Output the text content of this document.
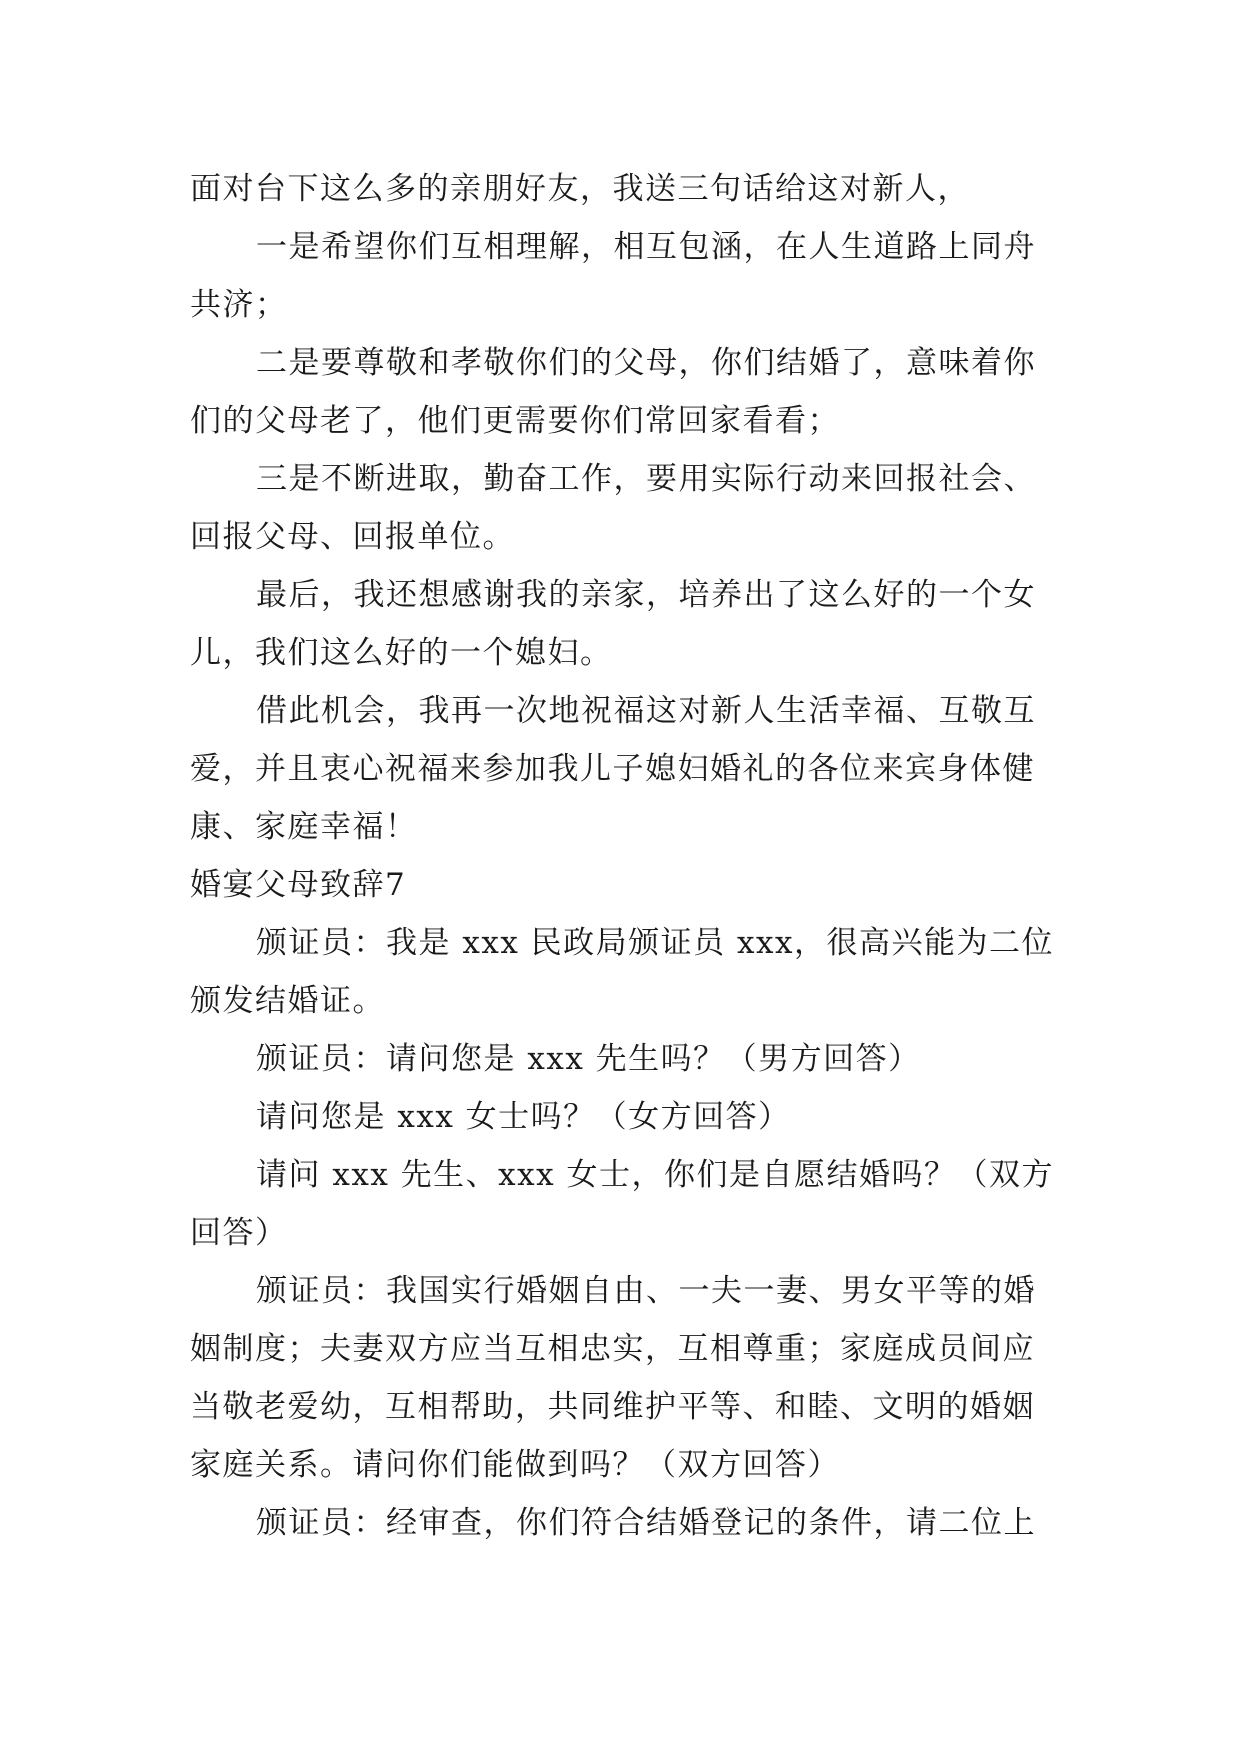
面对台下这么多的亲朋好友，我送三句话给这对新人，
一是希望你们互相理解，相互包涵，在人生道路上同舟
共济；
二是要尊敬和孝敬你们的父母，你们结婚了，意味着你
们的父母老了，他们更需要你们常回家看看；
三是不断进取，勤奋工作，要用实际行动来回报社会、
回报父母、回报单位。
最后，我还想感谢我的亲家，培养出了这么好的一个女
儿，我们这么好的一个媳妇。
借此机会，我再一次地祝福这对新人生活幸福、互敬互
爱，并且衷心祝福来参加我儿子媳妇婚礼的各位来宾身体健
康、家庭幸福！
婚宴父母致辞7
颁证员：我是 xxx 民政局颁证员 xxx，很高兴能为二位
颁发结婚证。
颁证员：请问您是 xxx 先生吗？（男方回答）
请问您是 xxx 女士吗？（女方回答）
请问 xxx 先生、xxx 女士，你们是自愿结婚吗？（双方
回答）
颁证员：我国实行婚姻自由、一夫一妻、男女平等的婚
姻制度；夫妻双方应当互相忠实，互相尊重；家庭成员间应
当敬老爱幼，互相帮助，共同维护平等、和睦、文明的婚姻
家庭关系。请问你们能做到吗？（双方回答）
颁证员：经审查，你们符合结婚登记的条件，请二位上
